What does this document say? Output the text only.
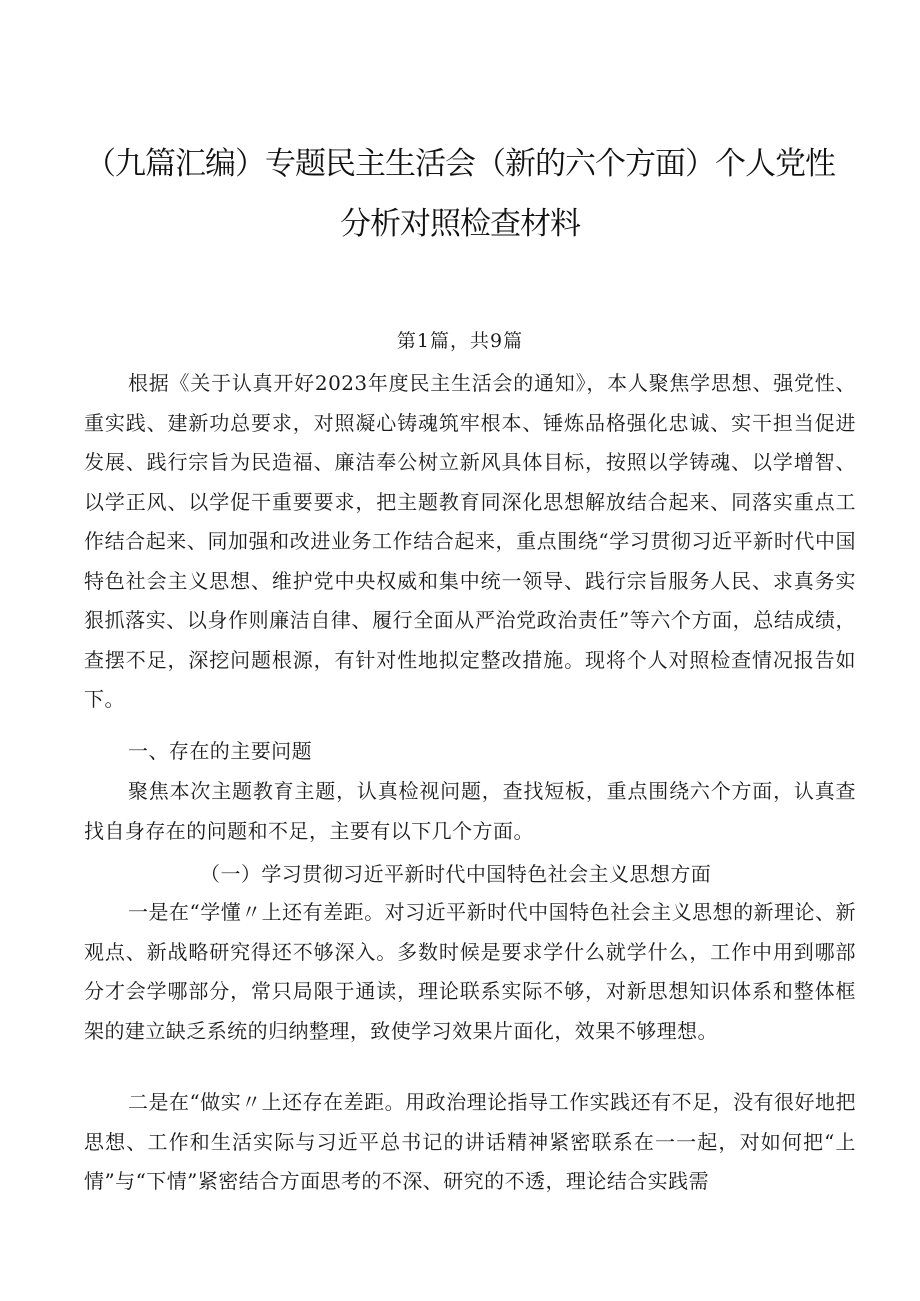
（九篇汇编）专题民主生活会（新的六个方面）个人党性
分析对照检查材料
第1篇，共9篇

根据《关于认真开好2023年度民主生活会的通知》，本人聚焦学思想、强党性、重实践、建新功总要求，对照凝心铸魂筑牢根本、锤炼品格强化忠诚、实干担当促进发展、践行宗旨为民造福、廉洁奉公树立新风具体目标，按照以学铸魂、以学增智、以学正风、以学促干重要要求，把主题教育同深化思想解放结合起来、同落实重点工作结合起来、同加强和改进业务工作结合起来，重点围绕“学习贯彻习近平新时代中国特色社会主义思想、维护党中央权威和集中统一领导、践行宗旨服务人民、求真务实狠抓落实、以身作则廉洁自律、履行全面从严治党政治责任”等六个方面，总结成绩，查摆不足，深挖问题根源，有针对性地拟定整改措施。现将个人对照检查情况报告如下。

一、存在的主要问题

聚焦本次主题教育主题，认真检视问题，查找短板，重点围绕六个方面，认真查找自身存在的问题和不足，主要有以下几个方面。

（一）学习贯彻习近平新时代中国特色社会主义思想方面

一是在“学懂〃上还有差距。对习近平新时代中国特色社会主义思想的新理论、新观点、新战略研究得还不够深入。多数时候是要求学什么就学什么，工作中用到哪部分才会学哪部分，常只局限于通读，理论联系实际不够，对新思想知识体系和整体框架的建立缺乏系统的归纳整理，致使学习效果片面化，效果不够理想。

二是在“做实〃上还存在差距。用政治理论指导工作实践还有不足，没有很好地把思想、工作和生活实际与习近平总书记的讲话精神紧密联系在一一起，对如何把“上情”与“下情”紧密结合方面思考的不深、研究的不透，理论结合实践需
